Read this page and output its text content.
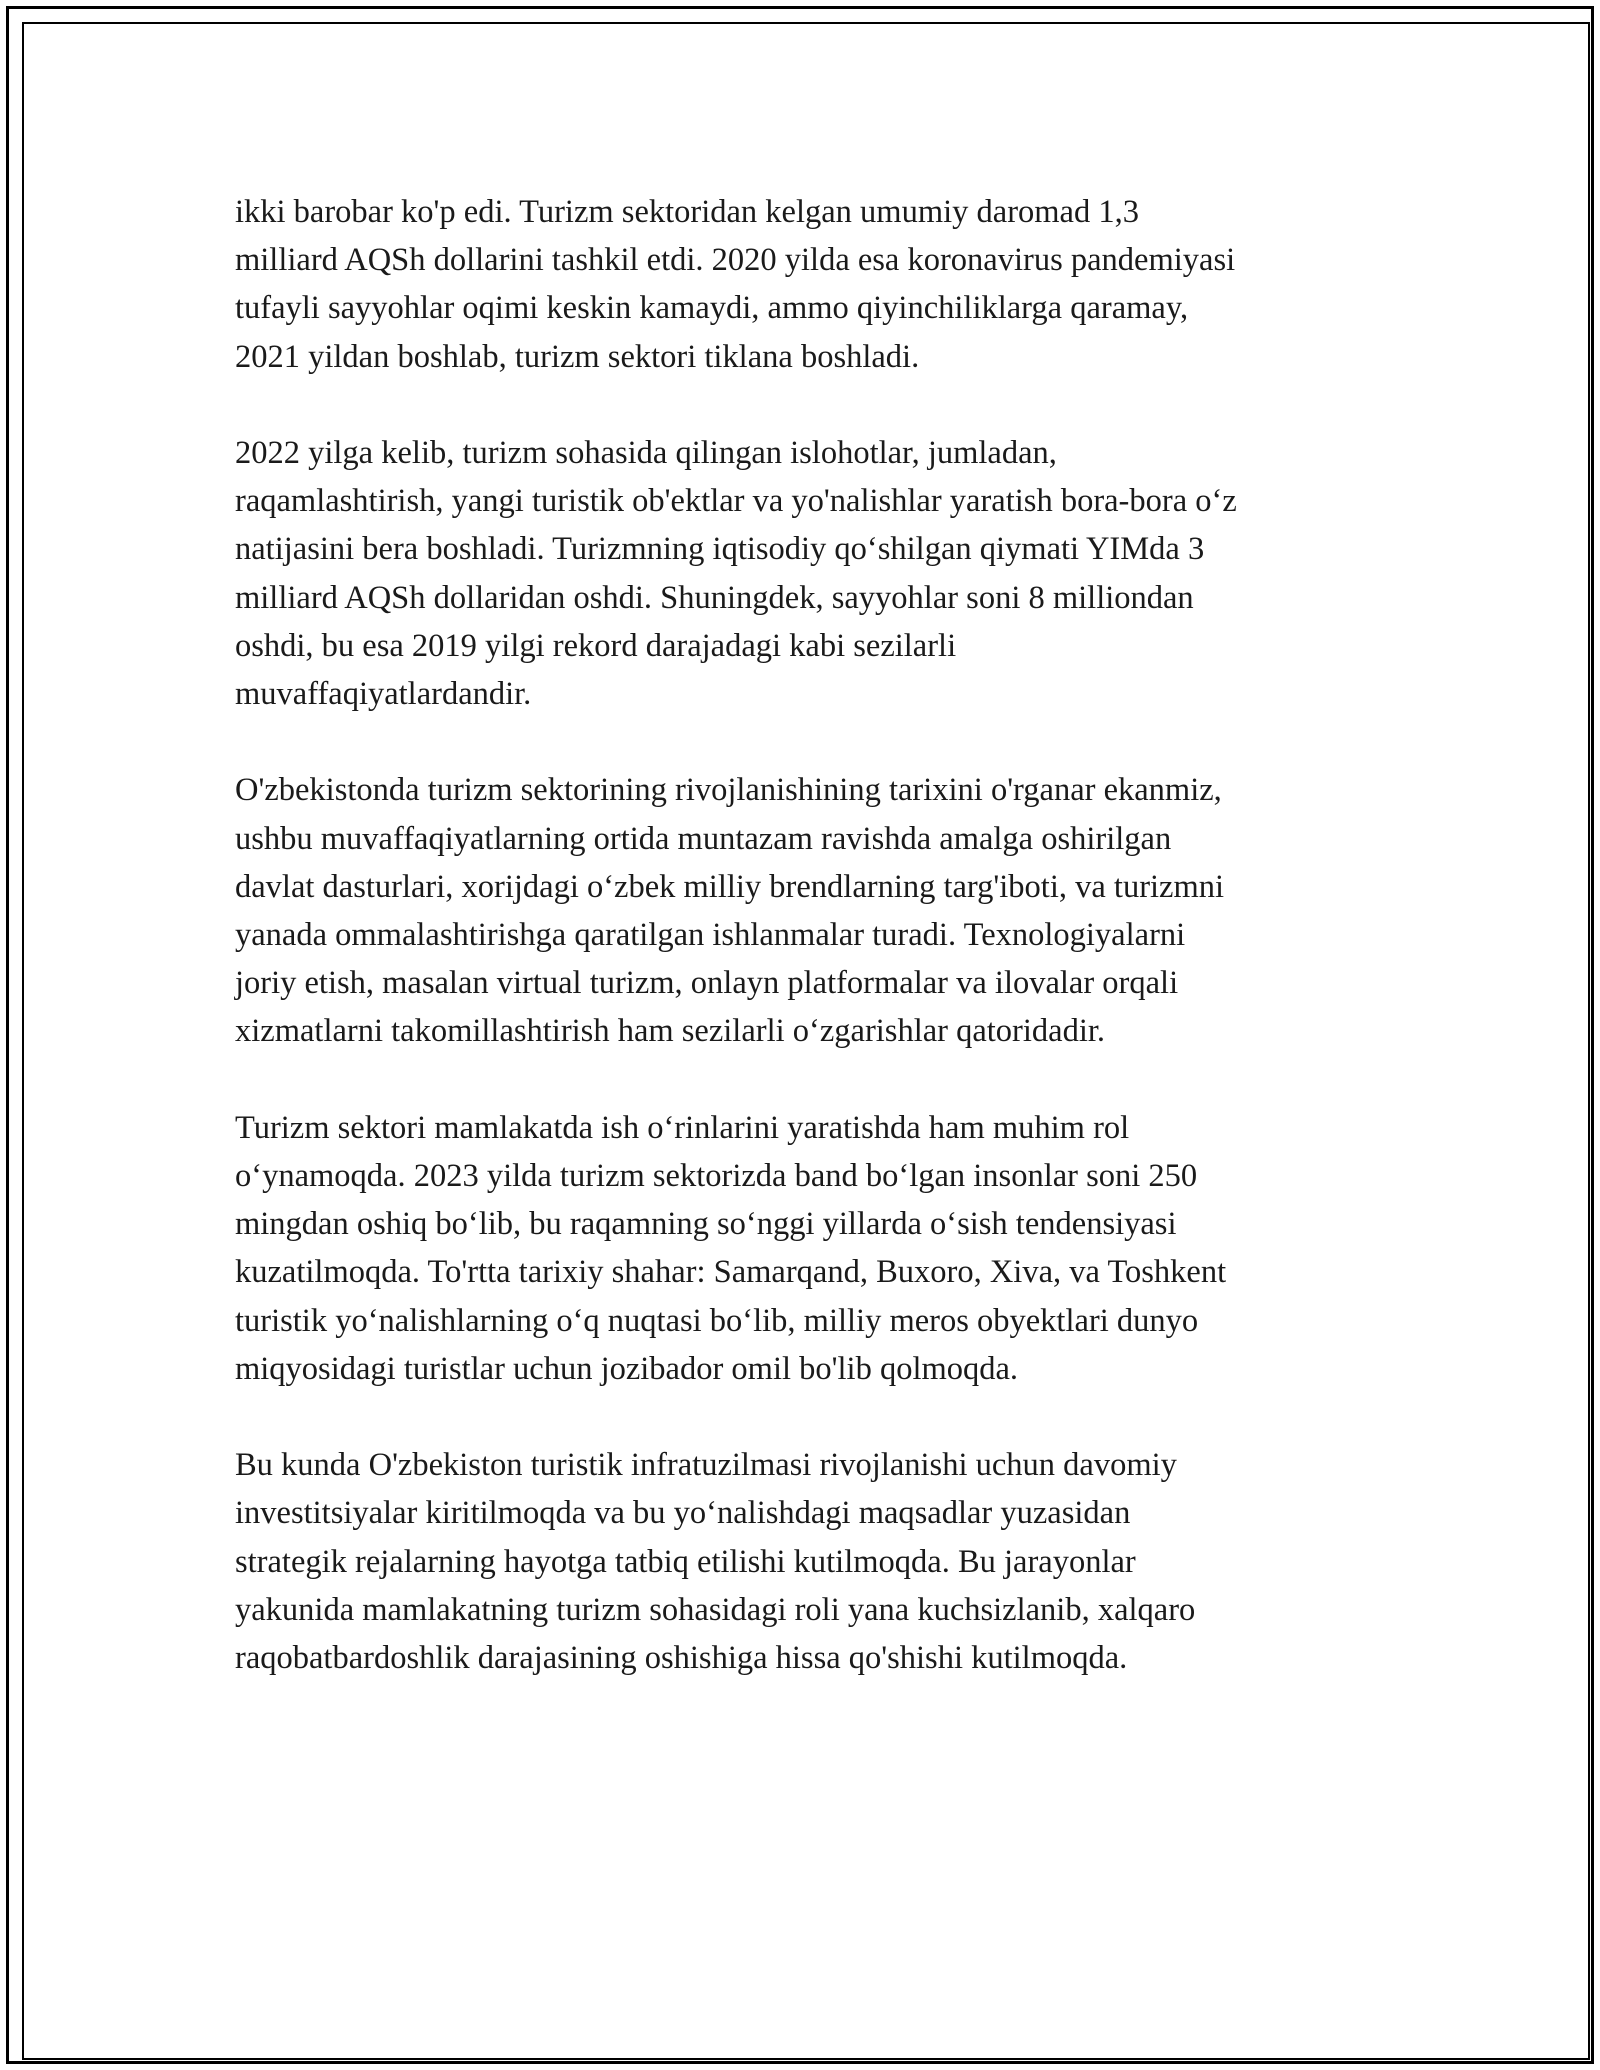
ikki barobar ko'p edi. Turizm sektoridan kelgan umumiy daromad 1,3
milliard AQSh dollarini tashkil etdi. 2020 yilda esa koronavirus pandemiyasi
tufayli sayyohlar oqimi keskin kamaydi, ammo qiyinchiliklarga qaramay,
2021 yildan boshlab, turizm sektori tiklana boshladi.

2022 yilga kelib, turizm sohasida qilingan islohotlar, jumladan,
raqamlashtirish, yangi turistik ob'ektlar va yo'nalishlar yaratish bora-bora o‘z
natijasini bera boshladi. Turizmning iqtisodiy qo‘shilgan qiymati YIMda 3
milliard AQSh dollaridan oshdi. Shuningdek, sayyohlar soni 8 milliondan
oshdi, bu esa 2019 yilgi rekord darajadagi kabi sezilarli
muvaffaqiyatlardandir.

O'zbekistonda turizm sektorining rivojlanishining tarixini o'rganar ekanmiz,
ushbu muvaffaqiyatlarning ortida muntazam ravishda amalga oshirilgan
davlat dasturlari, xorijdagi o‘zbek milliy brendlarning targ'iboti, va turizmni
yanada ommalashtirishga qaratilgan ishlanmalar turadi. Texnologiyalarni
joriy etish, masalan virtual turizm, onlayn platformalar va ilovalar orqali
xizmatlarni takomillashtirish ham sezilarli o‘zgarishlar qatoridadir.

Turizm sektori mamlakatda ish o‘rinlarini yaratishda ham muhim rol
o‘ynamoqda. 2023 yilda turizm sektorizda band bo‘lgan insonlar soni 250
mingdan oshiq bo‘lib, bu raqamning so‘nggi yillarda o‘sish tendensiyasi
kuzatilmoqda. To'rtta tarixiy shahar: Samarqand, Buxoro, Xiva, va Toshkent
turistik yo‘nalishlarning o‘q nuqtasi bo‘lib, milliy meros obyektlari dunyo
miqyosidagi turistlar uchun jozibador omil bo'lib qolmoqda.

Bu kunda O'zbekiston turistik infratuzilmasi rivojlanishi uchun davomiy
investitsiyalar kiritilmoqda va bu yo‘nalishdagi maqsadlar yuzasidan
strategik rejalarning hayotga tatbiq etilishi kutilmoqda. Bu jarayonlar
yakunida mamlakatning turizm sohasidagi roli yana kuchsizlanib, xalqaro
raqobatbardoshlik darajasining oshishiga hissa qo'shishi kutilmoqda.
